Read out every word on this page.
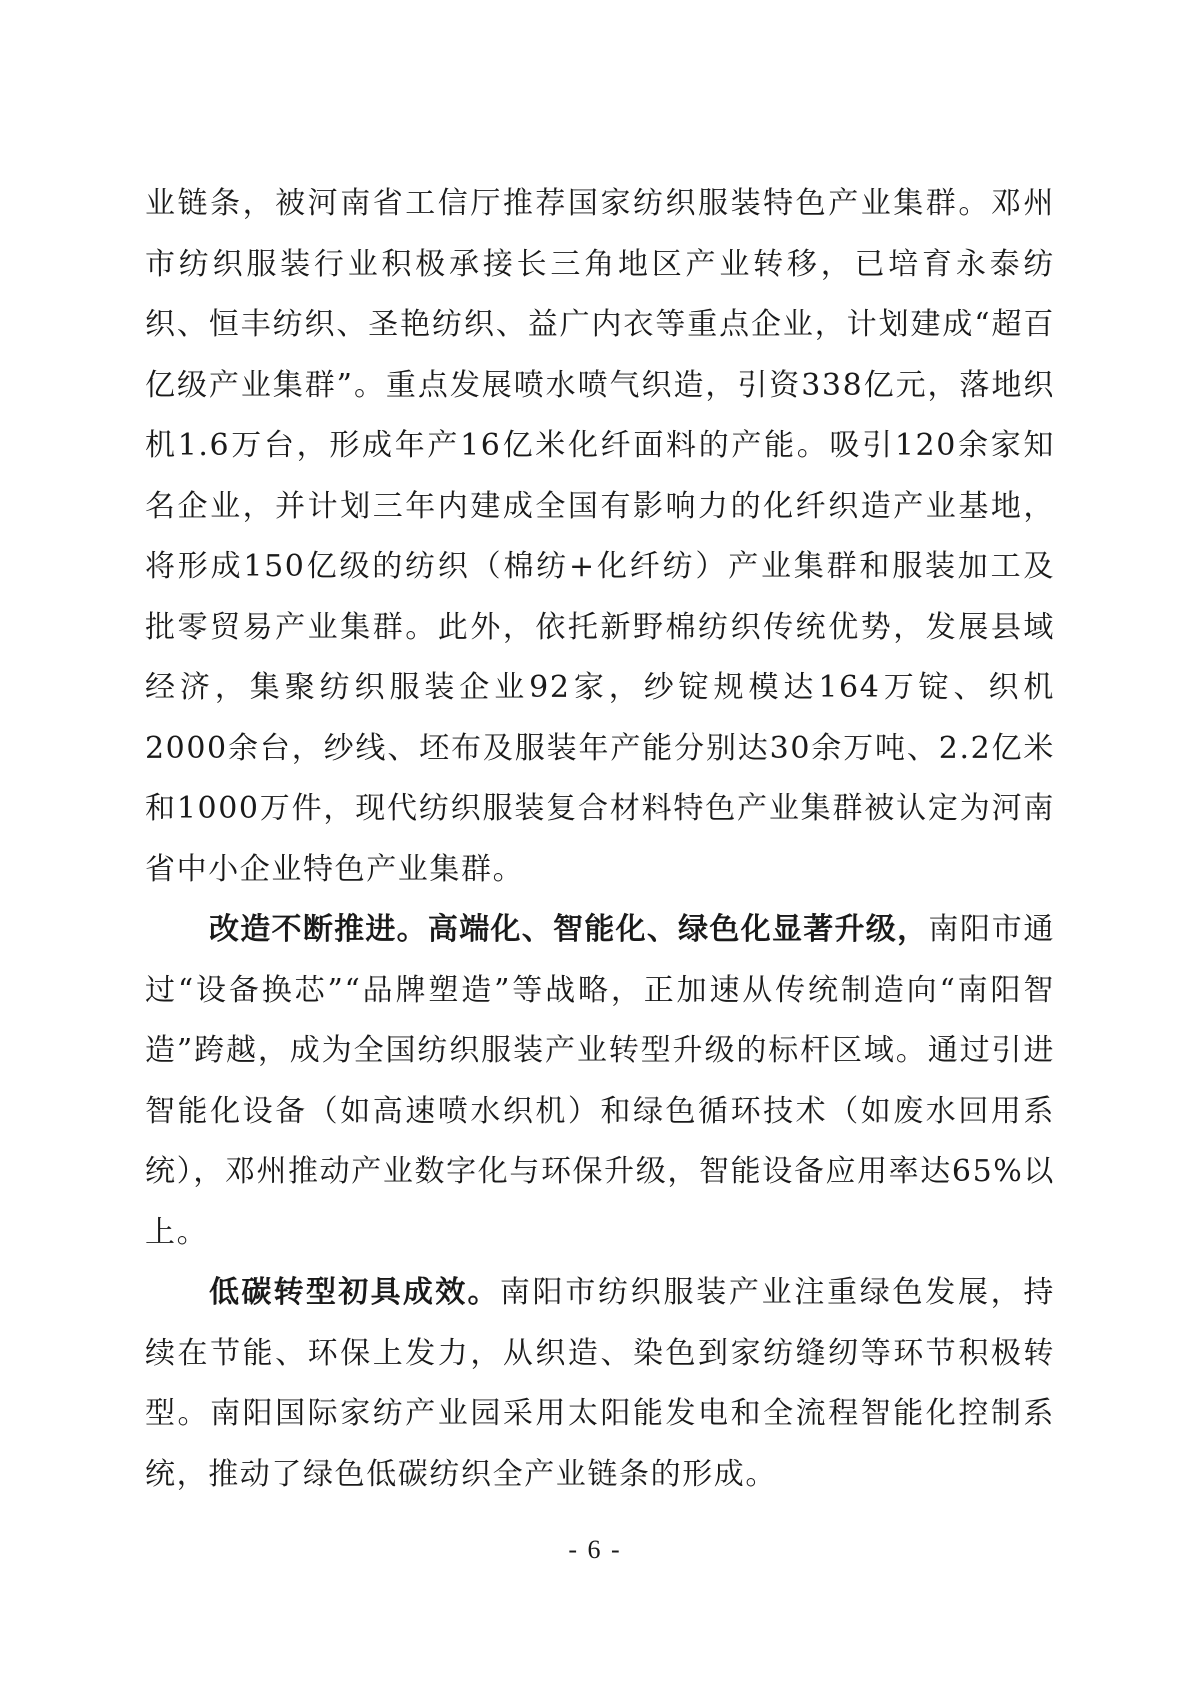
业链条，被河南省工信厅推荐国家纺织服装特色产业集群。邓州市纺织服装行业积极承接长三角地区产业转移，已培育永泰纺织、恒丰纺织、圣艳纺织、益广内衣等重点企业，计划建成“超百亿级产业集群”。重点发展喷水喷气织造，引资338亿元，落地织机1.6万台，形成年产16亿米化纤面料的产能。吸引120余家知名企业，并计划三年内建成全国有影响力的化纤织造产业基地，将形成150亿级的纺织（棉纺+化纤纺）产业集群和服装加工及批零贸易产业集群。此外，依托新野棉纺织传统优势，发展县域经济，集聚纺织服装企业92家，纱锭规模达164万锭、织机2000余台，纱线、坯布及服装年产能分别达30余万吨、2.2亿米和1000万件，现代纺织服装复合材料特色产业集群被认定为河南省中小企业特色产业集群。

改造不断推进。高端化、智能化、绿色化显著升级，南阳市通过“设备换芯”“品牌塑造”等战略，正加速从传统制造向“南阳智造”跨越，成为全国纺织服装产业转型升级的标杆区域。通过引进智能化设备（如高速喷水织机）和绿色循环技术（如废水回用系统），邓州推动产业数字化与环保升级，智能设备应用率达65%以上。

低碳转型初具成效。南阳市纺织服装产业注重绿色发展，持续在节能、环保上发力，从织造、染色到家纺缝纫等环节积极转型。南阳国际家纺产业园采用太阳能发电和全流程智能化控制系统，推动了绿色低碳纺织全产业链条的形成。

- 6 -
